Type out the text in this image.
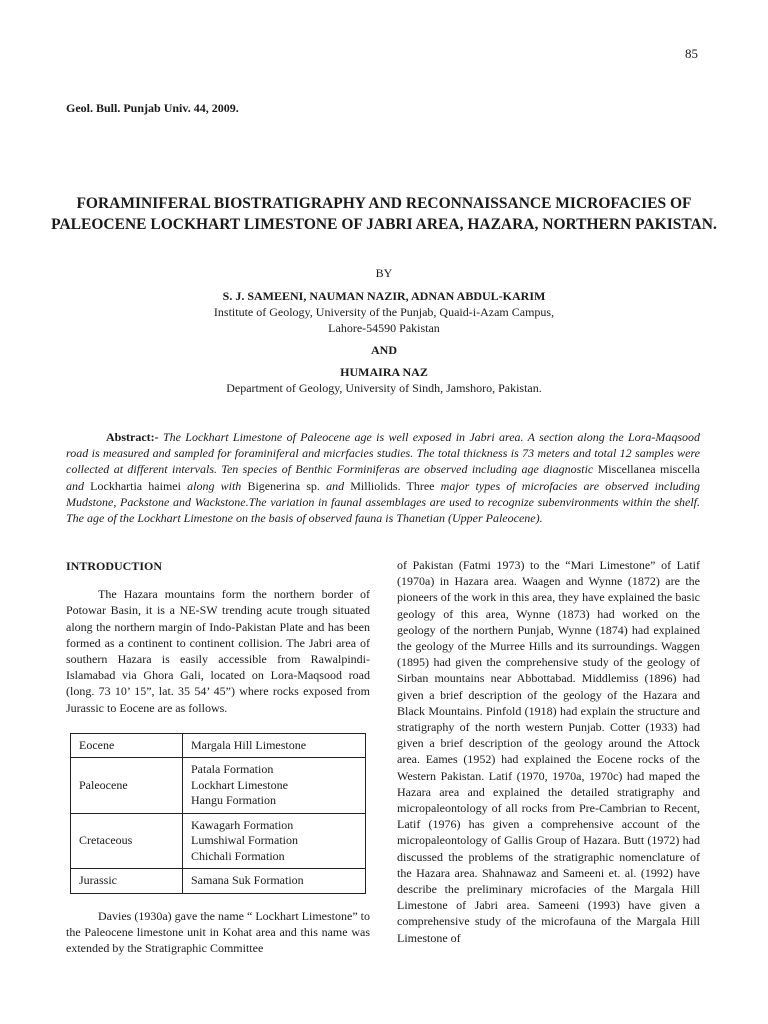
85
Geol. Bull. Punjab Univ. 44, 2009.
FORAMINIFERAL BIOSTRATIGRAPHY AND RECONNAISSANCE MICROFACIES OF PALEOCENE LOCKHART LIMESTONE OF JABRI AREA, HAZARA, NORTHERN PAKISTAN.
BY
S. J. SAMEENI, NAUMAN NAZIR, ADNAN ABDUL-KARIM
Institute of Geology, University of the Punjab, Quaid-i-Azam Campus,
Lahore-54590 Pakistan
AND
HUMAIRA NAZ
Department of Geology, University of Sindh, Jamshoro, Pakistan.
Abstract:- The Lockhart Limestone of Paleocene age is well exposed in Jabri area. A section along the Lora-Maqsood road is measured and sampled for foraminiferal and micrfacies studies. The total thickness is 73 meters and total 12 samples were collected at different intervals. Ten species of Benthic Forminiferas are observed including age diagnostic Miscellanea miscella and Lockhartia haimei along with Bigenerina sp. and Milliolids. Three major types of microfacies are observed including Mudstone, Packstone and Wackstone.The variation in faunal assemblages are used to recognize subenvironments within the shelf. The age of the Lockhart Limestone on the basis of observed fauna is Thanetian (Upper Paleocene).
INTRODUCTION

The Hazara mountains form the northern border of Potowar Basin, it is a NE-SW trending acute trough situated along the northern margin of Indo-Pakistan Plate and has been formed as a continent to continent collision. The Jabri area of southern Hazara is easily accessible from Rawalpindi-Islamabad via Ghora Gali, located on Lora-Maqsood road (long. 73 10’ 15”, lat. 35 54’ 45”) where rocks exposed from Jurassic to Eocene are as follows.

Eocene	Margala Hill Limestone

Paleocene	Patala Formation
Lockhart Limestone
Hangu Formation

Cretaceous	Kawagarh Formation
Lumshiwal Formation
Chichali Formation

Jurassic	Samana Suk Formation

Davies (1930a) gave the name “ Lockhart Limestone” to the Paleocene limestone unit in Kohat area and this name was extended by the Stratigraphic Committee

of Pakistan (Fatmi 1973) to the “Mari Limestone” of Latif (1970a) in Hazara area. Waagen and Wynne (1872) are the pioneers of the work in this area, they have explained the basic geology of this area, Wynne (1873) had worked on the geology of the northern Punjab, Wynne (1874) had explained the geology of the Murree Hills and its surroundings. Waggen (1895) had given the comprehensive study of the geology of Sirban mountains near Abbottabad. Middlemiss (1896) had given a brief description of the geology of the Hazara and Black Mountains. Pinfold (1918) had explain the structure and stratigraphy of the north western Punjab. Cotter (1933) had given a brief description of the geology around the Attock area. Eames (1952) had explained the Eocene rocks of the Western Pakistan. Latif (1970, 1970a, 1970c) had maped the Hazara area and explained the detailed stratigraphy and micropaleontology of all rocks from Pre-Cambrian to Recent, Latif (1976) has given a comprehensive account of the micropaleontology of Gallis Group of Hazara. Butt (1972) had discussed the problems of the stratigraphic nomenclature of the Hazara area. Shahnawaz and Sameeni et. al. (1992) have describe the preliminary microfacies of the Margala Hill Limestone of Jabri area. Sameeni (1993) have given a comprehensive study of the microfauna of the Margala Hill Limestone of
